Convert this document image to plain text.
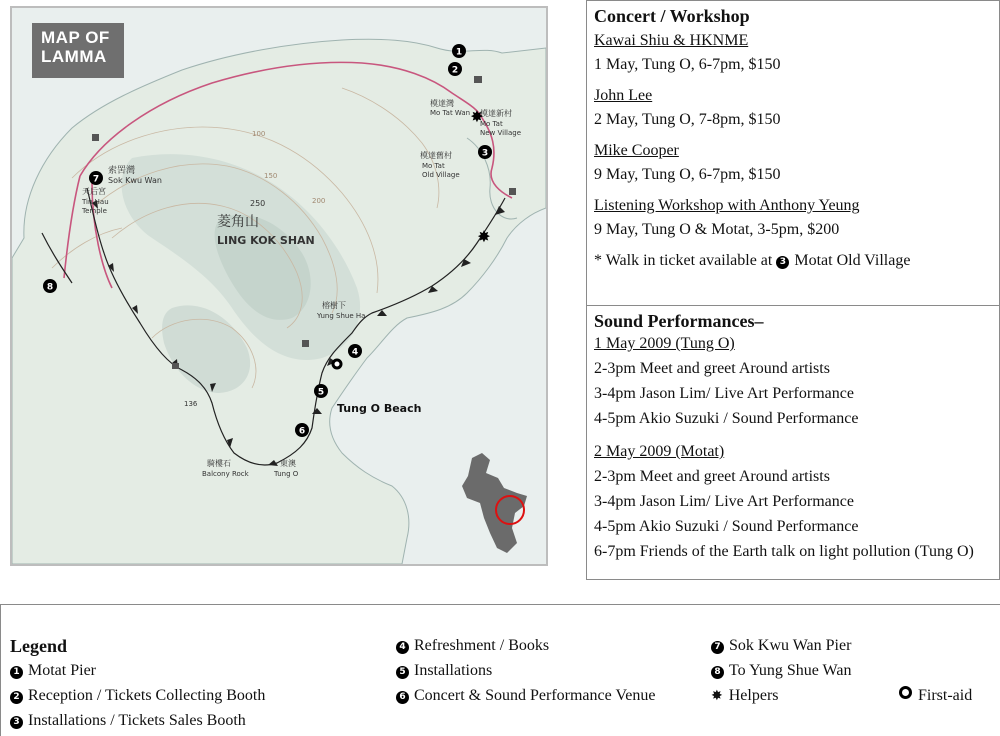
菱角山
LING KOK SHAN
250
索罟灣
Sok Kwu Wan
天后宮
Tin Hau
Temple
模達灣
Mo Tat Wan 模達新村
Mo Tat
New Village
模達舊村
Mo Tat
Old Village
榕樹下
Yung Shue Ha
Tung O Beach
騎樓石
Balcony Rock
東澳
Tung O
136
100
150
200
1
2
3
4
5
6
7
8
✸
✸
MAP OF
LAMMA
Concert / Workshop

Kawai Shiu & HKNME

1 May, Tung O, 6-7pm, $150

John Lee

2 May, Tung O, 7-8pm, $150

Mike Cooper

9 May, Tung O, 6-7pm, $150

Listening Workshop with Anthony Yeung

9 May, Tung O & Motat, 3-5pm, $200

* Walk in ticket available at 3 Motat Old Village

Sound Performances–

1 May 2009 (Tung O)

2-3pm Meet and greet Around artists

3-4pm Jason Lim/ Live Art Performance

4-5pm Akio Suzuki / Sound Performance

2 May 2009 (Motat)

2-3pm Meet and greet Around artists

3-4pm Jason Lim/ Live Art Performance

4-5pm Akio Suzuki / Sound Performance

6-7pm Friends of the Earth talk on light pollution (Tung O)

Legend
1 Motat Pier
2 Reception / Tickets Collecting Booth
3 Installations / Tickets Sales Booth
4 Refreshment / Books
5 Installations
6 Concert & Sound Performance Venue
7 Sok Kwu Wan Pier
8 To Yung Shue Wan
✸ Helpers	First-aid
